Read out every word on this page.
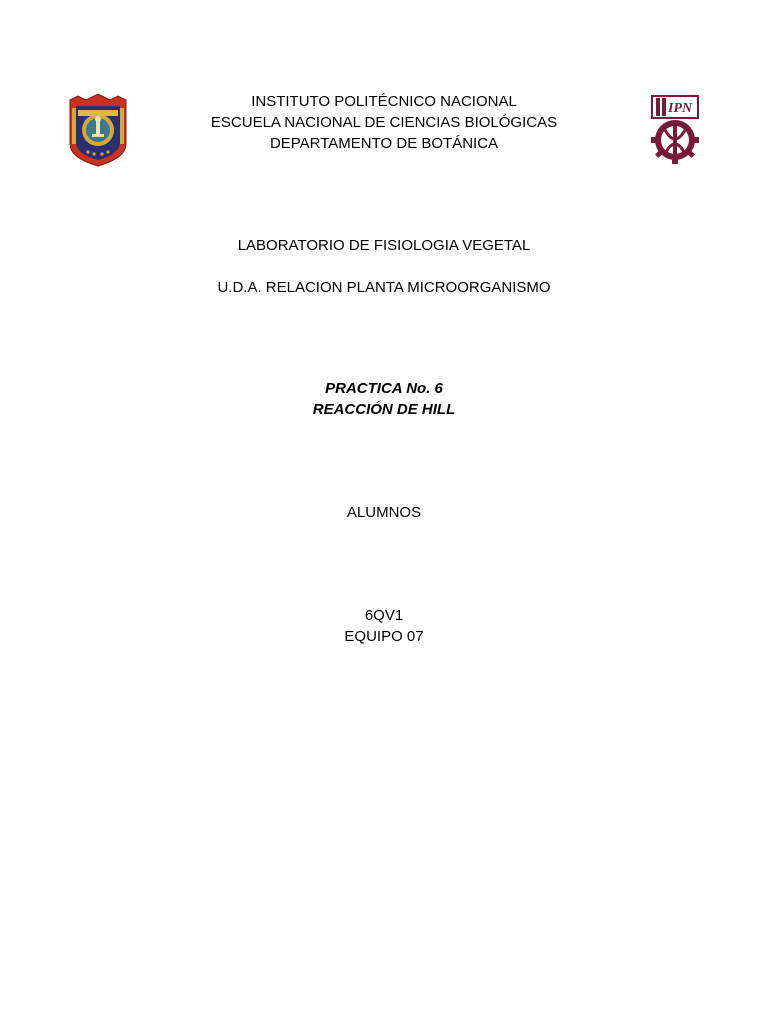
IPN
INSTITUTO POLITÉCNICO NACIONAL
ESCUELA NACIONAL DE CIENCIAS BIOLÓGICAS
DEPARTAMENTO DE BOTÁNICA
LABORATORIO DE FISIOLOGIA VEGETAL
U.D.A. RELACION PLANTA MICROORGANISMO
PRACTICA No. 6
REACCIÓN DE HILL
ALUMNOS
6QV1
EQUIPO 07
